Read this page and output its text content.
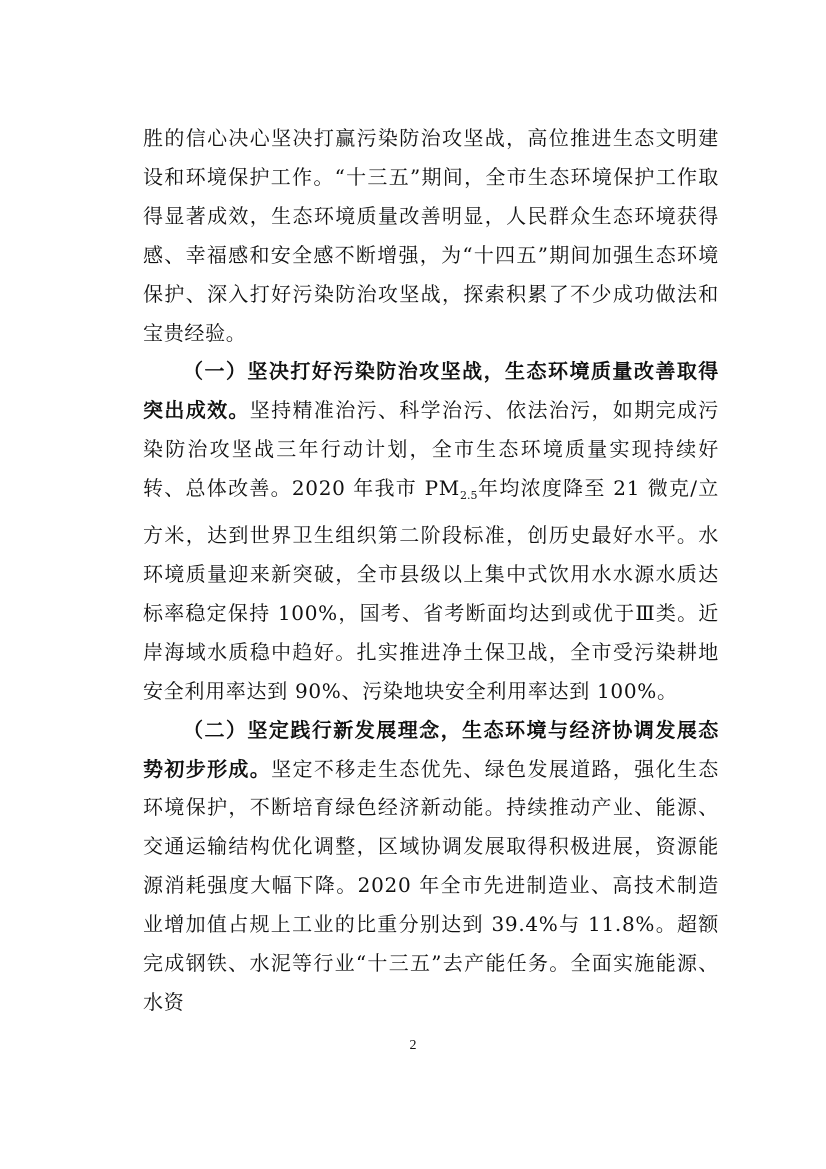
胜的信心决心坚决打赢污染防治攻坚战，高位推进生态文明建设和环境保护工作。“十三五”期间，全市生态环境保护工作取得显著成效，生态环境质量改善明显，人民群众生态环境获得感、幸福感和安全感不断增强，为“十四五”期间加强生态环境保护、深入打好污染防治攻坚战，探索积累了不少成功做法和宝贵经验。

（一）坚决打好污染防治攻坚战，生态环境质量改善取得突出成效。坚持精准治污、科学治污、依法治污，如期完成污染防治攻坚战三年行动计划，全市生态环境质量实现持续好转、总体改善。2020 年我市 $PM_{2.5}$年均浓度降至 21 微克/立方米，达到世界卫生组织第二阶段标准，创历史最好水平。水环境质量迎来新突破，全市县级以上集中式饮用水水源水质达标率稳定保持 100%，国考、省考断面均达到或优于Ⅲ类。近岸海域水质稳中趋好。扎实推进净土保卫战，全市受污染耕地安全利用率达到 90%、污染地块安全利用率达到 100%。

（二）坚定践行新发展理念，生态环境与经济协调发展态势初步形成。坚定不移走生态优先、绿色发展道路，强化生态环境保护，不断培育绿色经济新动能。持续推动产业、能源、交通运输结构优化调整，区域协调发展取得积极进展，资源能源消耗强度大幅下降。2020 年全市先进制造业、高技术制造业增加值占规上工业的比重分别达到 39.4%与 11.8%。超额完成钢铁、水泥等行业“十三五”去产能任务。全面实施能源、水资

2
